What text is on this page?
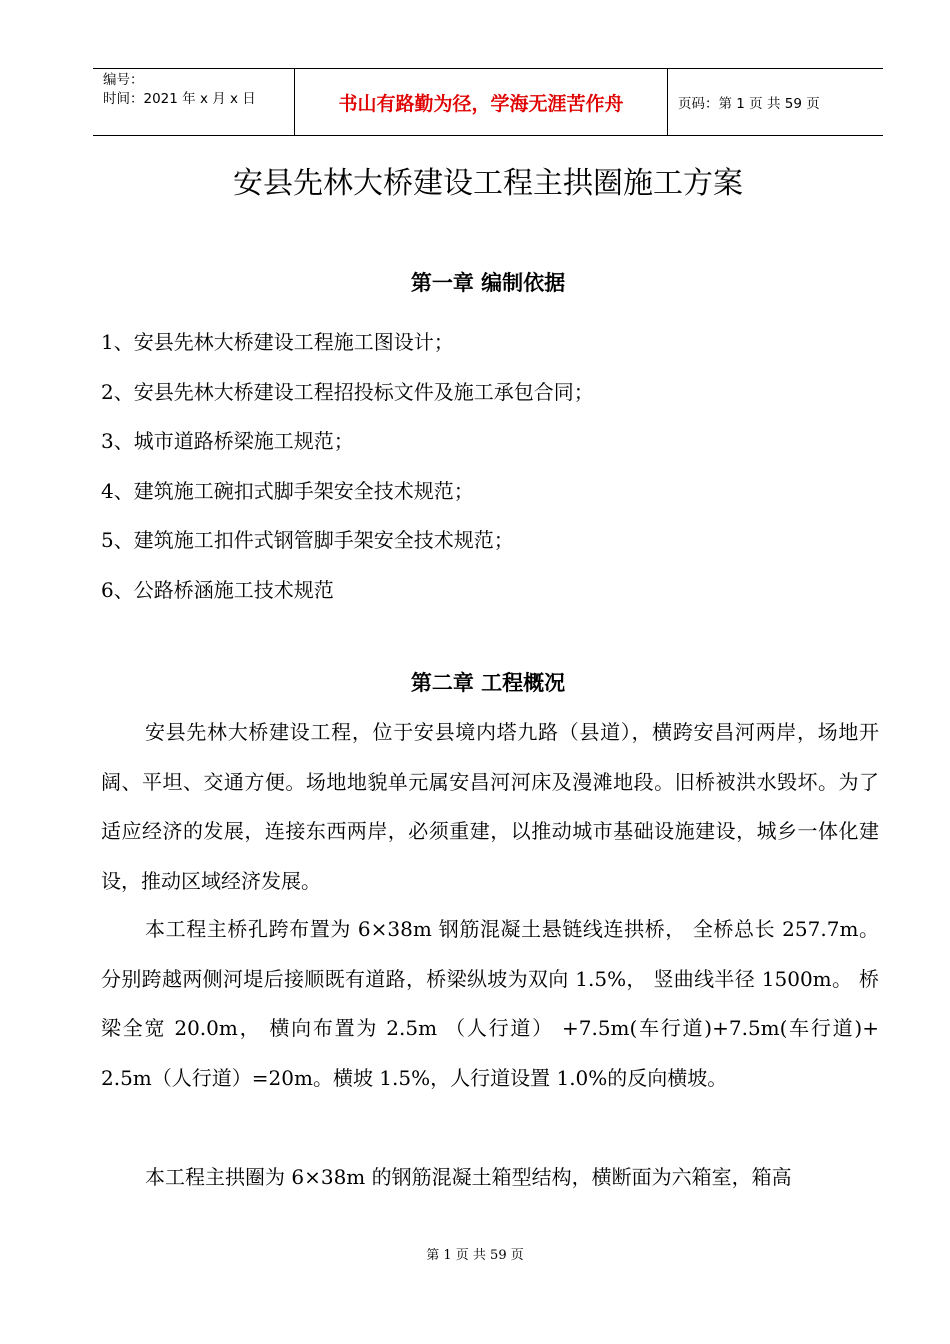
编号：
时间：2021 年 x 月 x 日	书山有路勤为径，学海无涯苦作舟	页码：第 1 页 共 59 页
安县先林大桥建设工程主拱圈施工方案
第一章 编制依据
1、安县先林大桥建设工程施工图设计；
2、安县先林大桥建设工程招投标文件及施工承包合同；
3、城市道路桥梁施工规范；
4、建筑施工碗扣式脚手架安全技术规范；
5、建筑施工扣件式钢管脚手架安全技术规范；
6、公路桥涵施工技术规范
第二章 工程概况
安县先林大桥建设工程，位于安县境内塔九路（县道），横跨安昌河两岸，场地开阔、平坦、交通方便。场地地貌单元属安昌河河床及漫滩地段。旧桥被洪水毁坏。为了适应经济的发展，连接东西两岸，必须重建，以推动城市基础设施建设，城乡一体化建设，推动区域经济发展。
本工程主桥孔跨布置为 6×38m 钢筋混凝土悬链线连拱桥， 全桥总长 257.7m。 分别跨越两侧河堤后接顺既有道路，桥梁纵坡为双向 1.5%， 竖曲线半径 1500m。 桥梁全宽 20.0m， 横向布置为 2.5m （人行道） +7.5m(车行道)+7.5m(车行道)+ 2.5m（人行道）=20m。横坡 1.5%，人行道设置 1.0%的反向横坡。
本工程主拱圈为 6×38m 的钢筋混凝土箱型结构，横断面为六箱室，箱高
第 1 页 共 59 页
